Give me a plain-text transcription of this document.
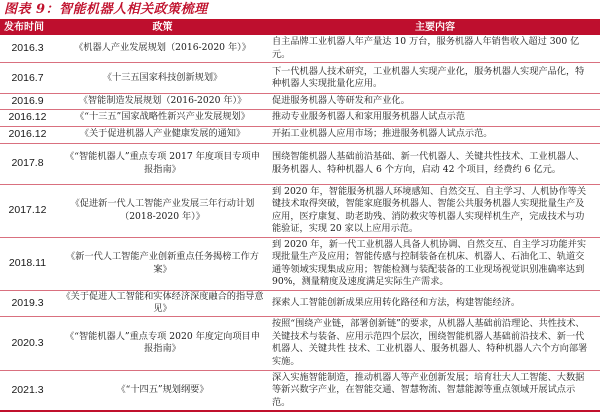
图表 9：智能机器人相关政策梳理
发布时间	政策	主要内容
2016.3	《机器人产业发展规划（2016-2020 年）》	自主品牌工业机器人年产量达 10 万台，服务机器人年销售收入超过 300 亿元。
2016.7	《十三五国家科技创新规划》	下一代机器人技术研究，工业机器人实现产业化，服务机器人实现产品化，特种机器人实现批量化应用。
2016.9	《智能制造发展规划（2016-2020 年）》	促进服务机器人等研发和产业化。
2016.12	《“十三五”国家战略性新兴产业发展规划》	推动专业服务机器人和家用服务机器人试点示范
2016.12	《关于促进机器人产业健康发展的通知》	开拓工业机器人应用市场；推进服务机器人试点示范。
2017.8	《“智能机器人”重点专项 2017 年度项目专项申报指南》	围绕智能机器人基础前沿基础、新一代机器人、关键共性技术、工业机器人、服务机器人、特种机器人 6 个方向，启动 42 个项目，经费约 6 亿元。
2017.12	《促进新一代人工智能产业发展三年行动计划（2018-2020 年）》	到 2020 年，智能服务机器人环境感知、自然交互、自主学习、人机协作等关键技术取得突破，智能家庭服务机器人、智能公共服务机器人实现批量生产及应用，医疗康复、助老助残、消防救灾等机器人实现样机生产，完成技术与功能验证，实现 20 家以上应用示范。
2018.11	《新一代人工智能产业创新重点任务揭榜工作方案》	到 2020 年，新一代工业机器人具备人机协调、自然交互、自主学习功能并实现批量生产及应用；智能传感与控制装备在机床、机器人、石油化工、轨道交通等领域实现集成应用；智能检测与装配装备的工业现场视觉识别准确率达到 90%，测量精度及速度满足实际生产需求。
2019.3	《关于促进人工智能和实体经济深度融合的指导意见》	探索人工智能创新成果应用转化路径和方法，构建智能经济。
2020.3	《“智能机器人”重点专项 2020 年度定向项目申报指南》	按照“围绕产业链，部署创新链”的要求，从机器人基础前沿理论、共性技术、关键技术与装备、应用示范四个层次，围绕智能机器人基础前沿技术、新一代机器人、关键共性 技术、工业机器人、服务机器人、特种机器人六个方向部署实施。
2021.3	《“十四五”规划纲要》	深入实施智能制造，推动机器人等产业创新发展；培育壮大人工智能、大数据等新兴数字产业，在智能交通、智慧物流、智慧能源等重点领域开展试点示范。
